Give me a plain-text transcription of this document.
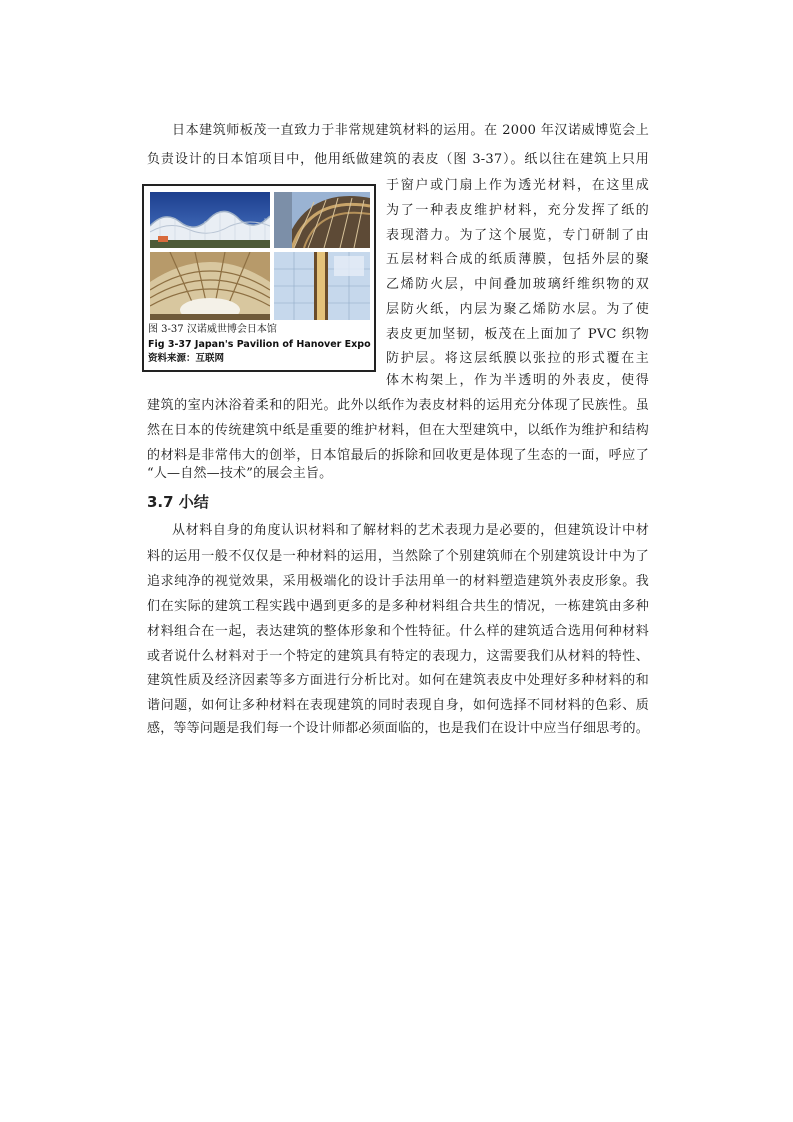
日本建筑师板茂一直致力于非常规建筑材料的运用。在 2000 年汉诺威博览会上
负责设计的日本馆项目中，他用纸做建筑的表皮（图 3-37）。纸以往在建筑上只用
于窗户或门扇上作为透光材料，在这里成
为了一种表皮维护材料，充分发挥了纸的
表现潜力。为了这个展览，专门研制了由
五层材料合成的纸质薄膜，包括外层的聚
乙烯防火层，中间叠加玻璃纤维织物的双
层防火纸，内层为聚乙烯防水层。为了使
表皮更加坚韧，板茂在上面加了 PVC 织物
防护层。将这层纸膜以张拉的形式覆在主
体木构架上，作为半透明的外表皮，使得
建筑的室内沐浴着柔和的阳光。此外以纸作为表皮材料的运用充分体现了民族性。虽
然在日本的传统建筑中纸是重要的维护材料，但在大型建筑中，以纸作为维护和结构
的材料是非常伟大的创举，日本馆最后的拆除和回收更是体现了生态的一面，呼应了
“人—自然—技术”的展会主旨。
图 3-37 汉诺威世博会日本馆
Fig 3-37 Japan's Pavilion of Hanover Expo
资料来源：互联网
3.7 小结
从材料自身的角度认识材料和了解材料的艺术表现力是必要的，但建筑设计中材
料的运用一般不仅仅是一种材料的运用，当然除了个别建筑师在个别建筑设计中为了
追求纯净的视觉效果，采用极端化的设计手法用单一的材料塑造建筑外表皮形象。我
们在实际的建筑工程实践中遇到更多的是多种材料组合共生的情况，一栋建筑由多种
材料组合在一起，表达建筑的整体形象和个性特征。什么样的建筑适合选用何种材料
或者说什么材料对于一个特定的建筑具有特定的表现力，这需要我们从材料的特性、
建筑性质及经济因素等多方面进行分析比对。如何在建筑表皮中处理好多种材料的和
谐问题，如何让多种材料在表现建筑的同时表现自身，如何选择不同材料的色彩、质
感，等等问题是我们每一个设计师都必须面临的，也是我们在设计中应当仔细思考的。
